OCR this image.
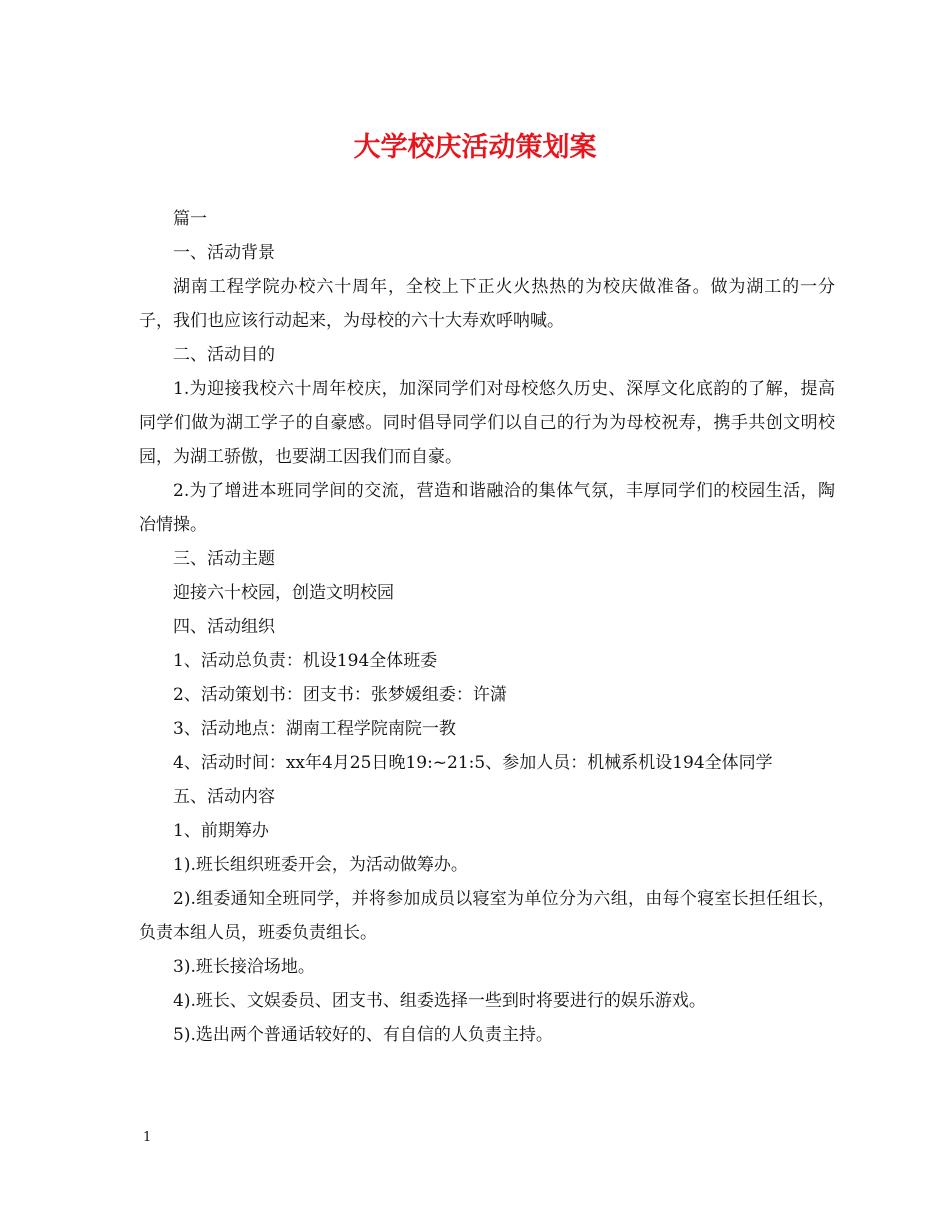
大学校庆活动策划案

篇一

一、活动背景

湖南工程学院办校六十周年，全校上下正火火热热的为校庆做准备。做为湖工的一分子，我们也应该行动起来，为母校的六十大寿欢呼呐喊。

二、活动目的

1.为迎接我校六十周年校庆，加深同学们对母校悠久历史、深厚文化底韵的了解，提高同学们做为湖工学子的自豪感。同时倡导同学们以自己的行为为母校祝寿，携手共创文明校园，为湖工骄傲，也要湖工因我们而自豪。

2.为了增进本班同学间的交流，营造和谐融洽的集体气氛，丰厚同学们的校园生活，陶冶情操。

三、活动主题

迎接六十校园，创造文明校园

四、活动组织

1、活动总负责：机设194全体班委

2、活动策划书：团支书：张梦媛组委：许潇

3、活动地点：湖南工程学院南院一教

4、活动时间：xx年4月25日晚19:~21:5、参加人员：机械系机设194全体同学

五、活动内容

1、前期筹办

1).班长组织班委开会，为活动做筹办。

2).组委通知全班同学，并将参加成员以寝室为单位分为六组，由每个寝室长担任组长，负责本组人员，班委负责组长。

3).班长接洽场地。

4).班长、文娱委员、团支书、组委选择一些到时将要进行的娱乐游戏。

5).选出两个普通话较好的、有自信的人负责主持。

1
